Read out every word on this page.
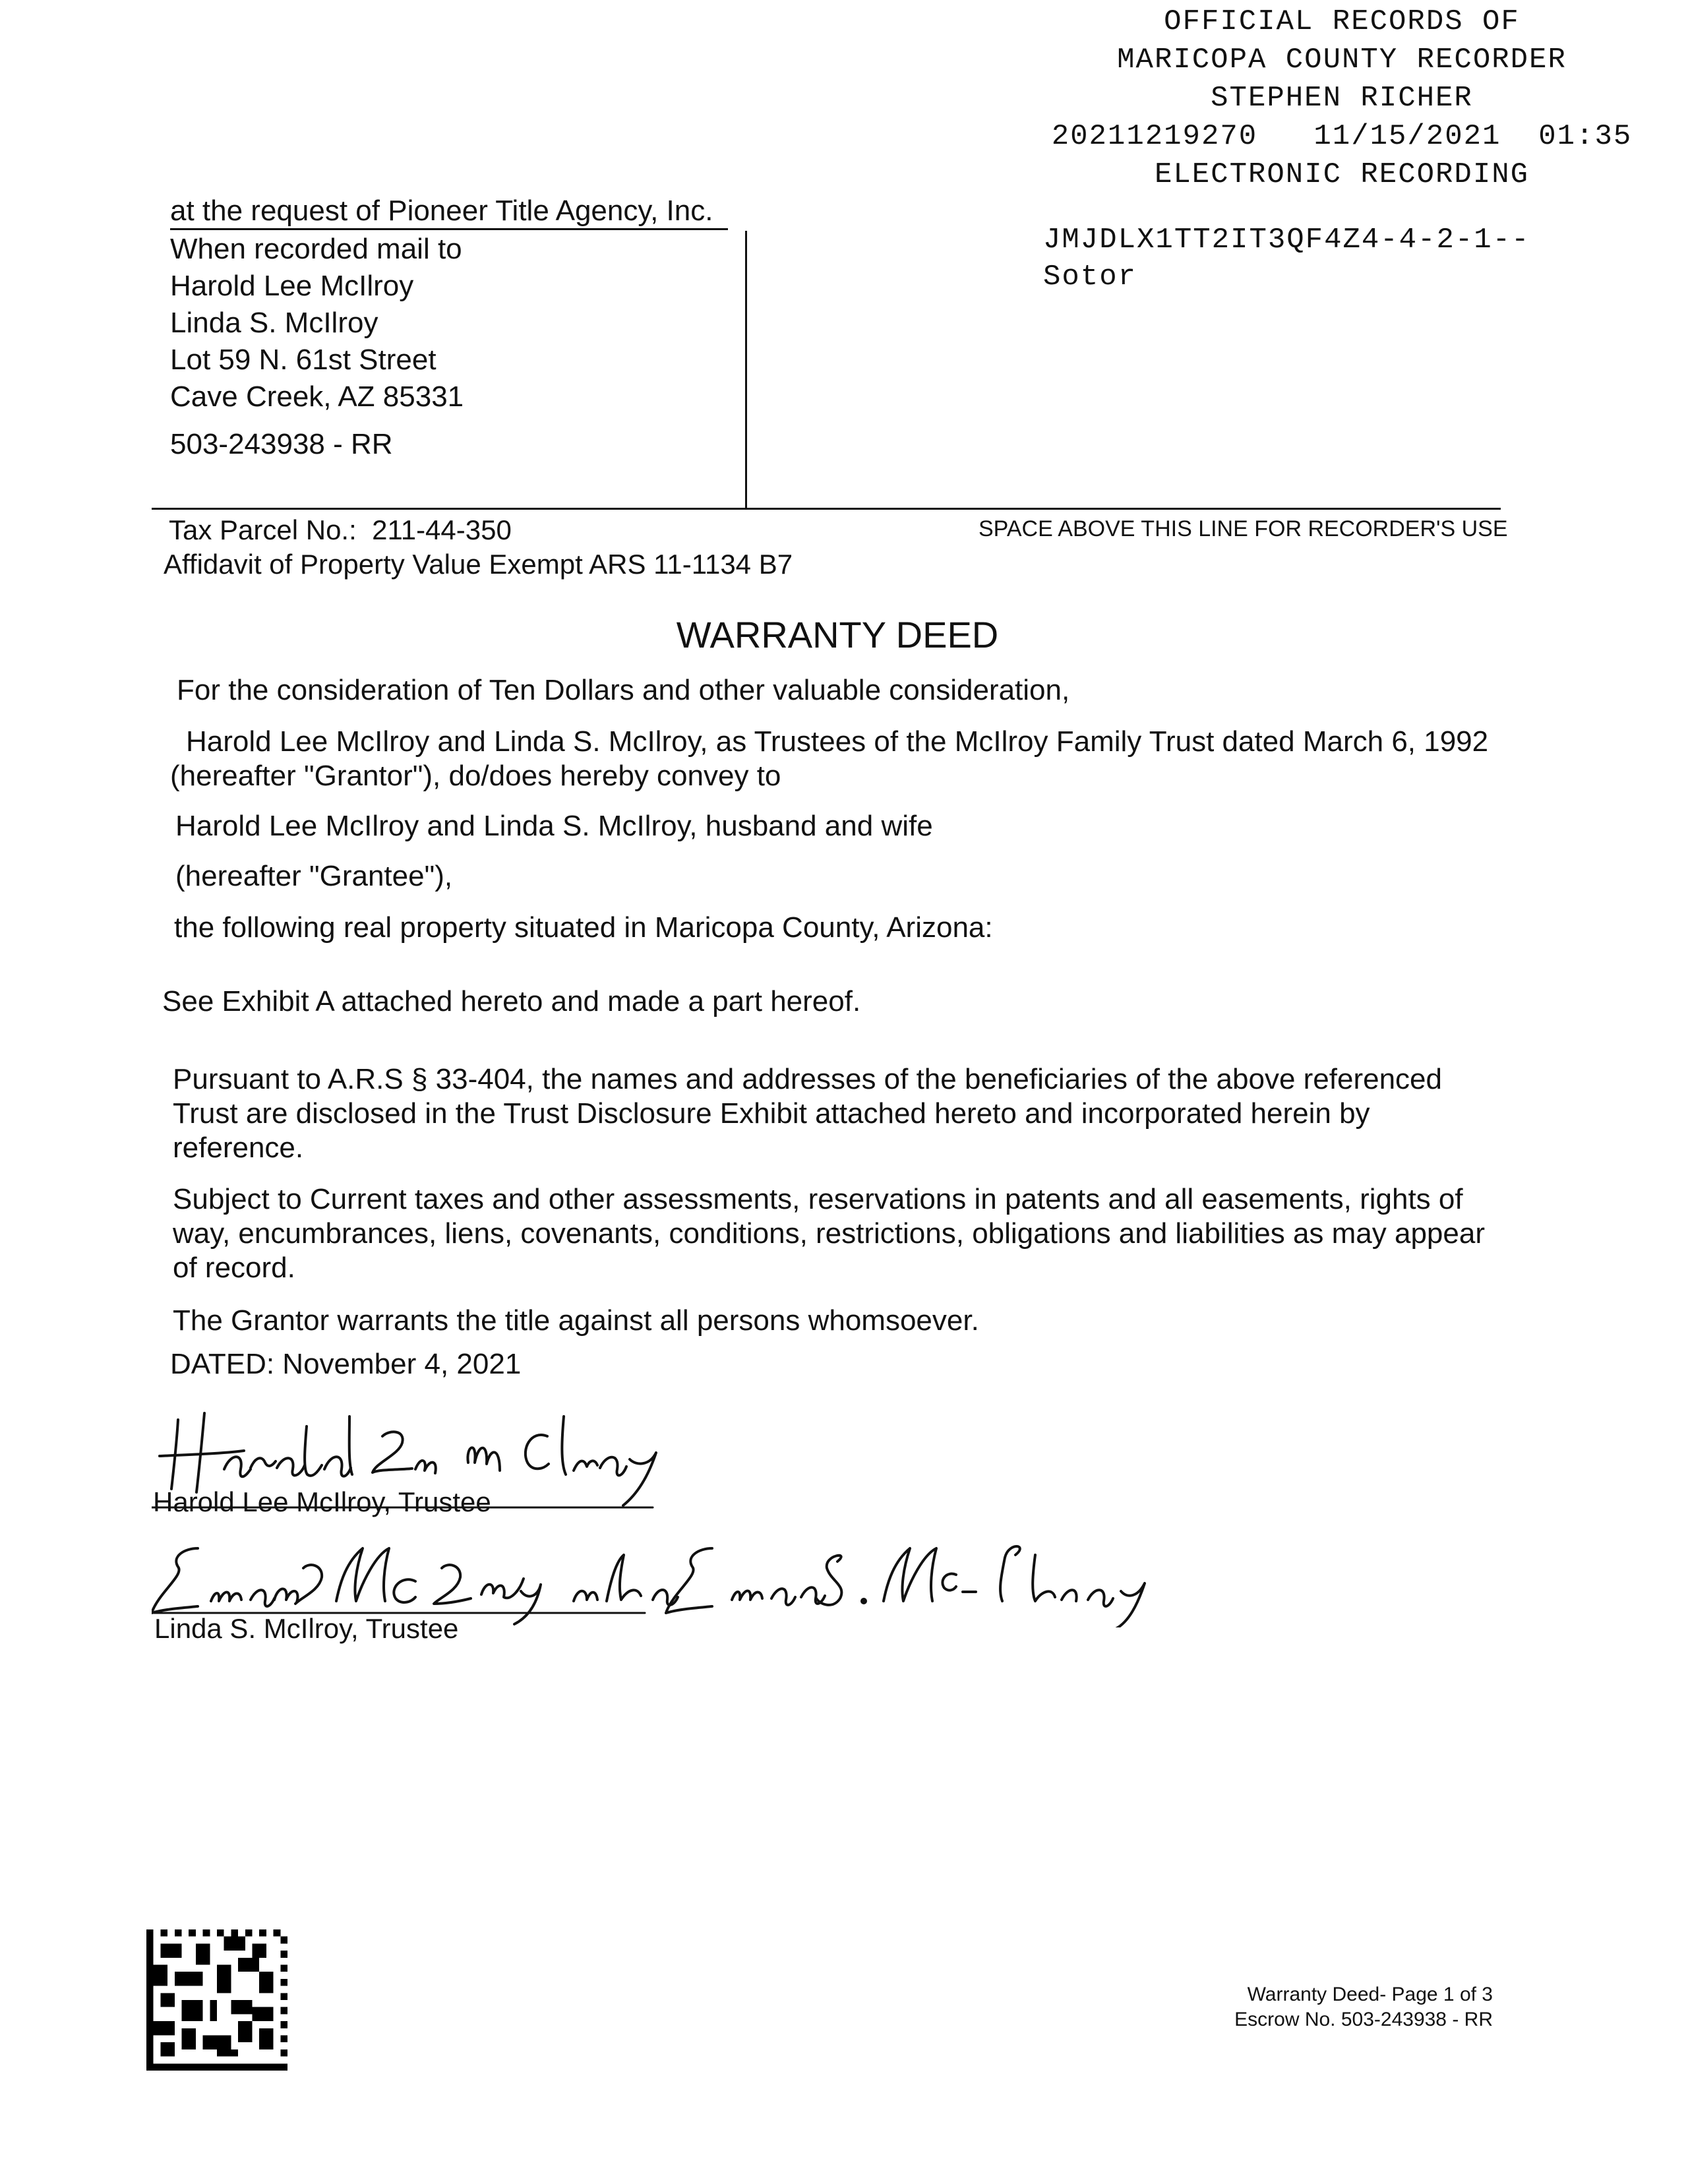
OFFICIAL RECORDS OF
MARICOPA COUNTY RECORDER
STEPHEN RICHER
20211219270   11/15/2021  01:35
ELECTRONIC RECORDING
JMJDLX1TT2IT3QF4Z4-4-2-1--
Sotor
at the request of Pioneer Title Agency, Inc.
When recorded mail to
Harold Lee McIlroy
Linda S. McIlroy
Lot 59 N. 61st Street
Cave Creek, AZ 85331
503-243938 - RR
Tax Parcel No.:  211-44-350
Affidavit of Property Value Exempt ARS 11-1134 B7
SPACE ABOVE THIS LINE FOR RECORDER'S USE
WARRANTY DEED
For the consideration of Ten Dollars and other valuable consideration,
Harold Lee McIlroy and Linda S. McIlroy, as Trustees of the McIlroy Family Trust dated March 6, 1992
(hereafter "Grantor"), do/does hereby convey to
Harold Lee McIlroy and Linda S. McIlroy, husband and wife
(hereafter "Grantee"),
the following real property situated in Maricopa County, Arizona:
See Exhibit A attached hereto and made a part hereof.
Pursuant to A.R.S § 33-404, the names and addresses of the beneficiaries of the above referenced
Trust are disclosed in the Trust Disclosure Exhibit attached hereto and incorporated herein by
reference.
Subject to Current taxes and other assessments, reservations in patents and all easements, rights of
way, encumbrances, liens, covenants, conditions, restrictions, obligations and liabilities as may appear
of record.
The Grantor warrants the title against all persons whomsoever.
DATED: November 4, 2021
Harold Lee McIlroy, Trustee
Linda S. McIlroy, Trustee
Warranty Deed- Page 1 of 3
Escrow No. 503-243938 - RR
